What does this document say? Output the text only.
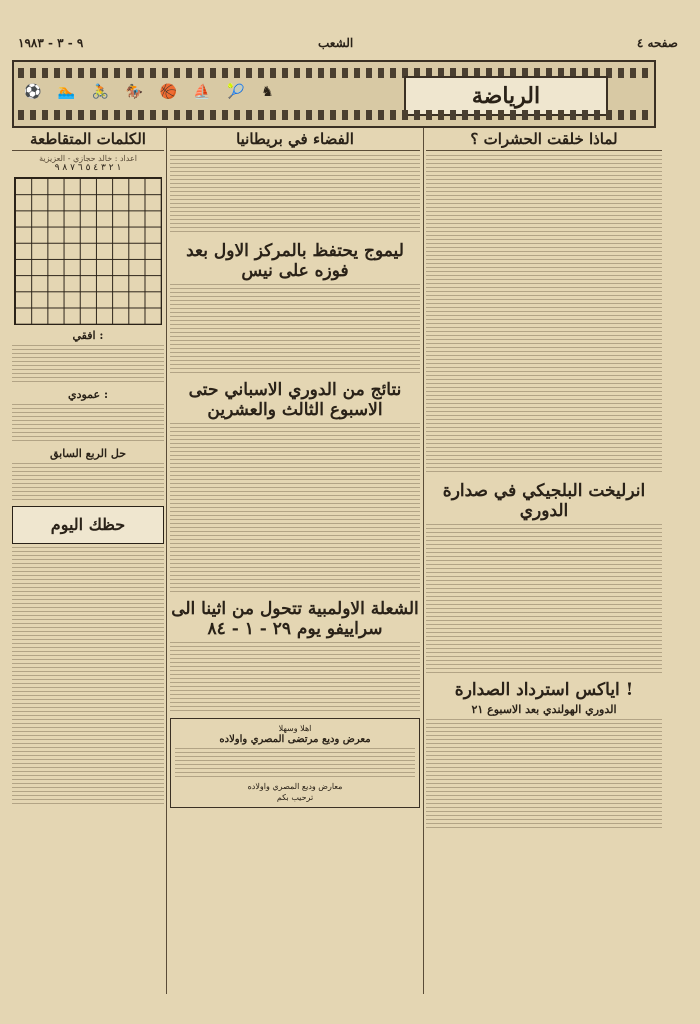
٩ - ٣ - ١٩٨٣	الشعب	صفحه ٤
⚽ 🏊 🚴 🏇 🏀 ⛵ 🎾 ♞	الرياضة
الكلمات المتقاطعة
اعداد : خالد حجازي - العزيزية
١ ٢ ٣ ٤ ٥ ٦ ٧ ٨ ٩
افقي :
عمودي :
حل الربع السابق
حظك اليوم
الفضاء في بريطانيا
ليموج يحتفظ بالمركز الاول بعد فوزه على نيس
نتائج من الدوري الاسباني حتى الاسبوع الثالث والعشرين
الشعلة الاولمبية تتحول من اثينا الى سراييفو يوم ٢٩ - ١ - ٨٤
اهلا وسهلا
معرض وديع مرتضى المصري واولاده
معارض وديع المصري واولاده
ترحيب بكم
لماذا خلقت الحشرات ؟
انرليخت البلجيكي في صدارة الدوري
اياكس استرداد الصدارة !
الدوري الهولندي بعد الاسبوع ٢١
